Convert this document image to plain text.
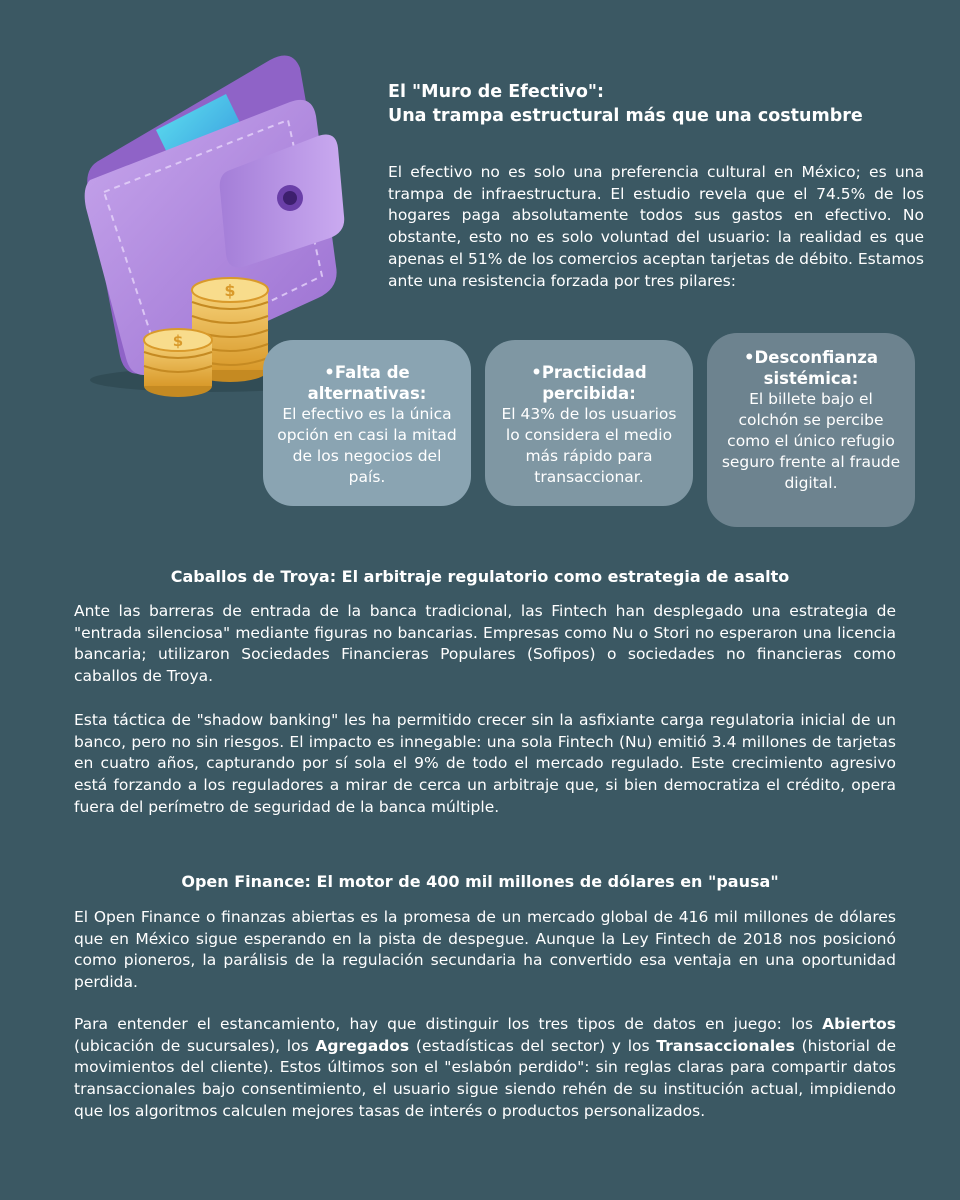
$
$
El "Muro de Efectivo":
Una trampa estructural más que una costumbre
El efectivo no es solo una preferencia cultural en México; es una trampa de infraestructura. El estudio revela que el 74.5% de los hogares paga absolutamente todos sus gastos en efectivo. No obstante, esto no es solo voluntad del usuario: la realidad es que apenas el 51% de los comercios aceptan tarjetas de débito. Estamos ante una resistencia forzada por tres pilares:
•Falta de alternativas:
El efectivo es la única opción en casi la mitad de los negocios del país.
•Practicidad percibida:
El 43% de los usuarios lo considera el medio más rápido para transaccionar.
•Desconfianza sistémica:
El billete bajo el colchón se percibe como el único refugio seguro frente al fraude digital.
Caballos de Troya: El arbitraje regulatorio como estrategia de asalto
Ante las barreras de entrada de la banca tradicional, las Fintech han desplegado una estrategia de "entrada silenciosa" mediante figuras no bancarias. Empresas como Nu o Stori no esperaron una licencia bancaria; utilizaron Sociedades Financieras Populares (Sofipos) o sociedades no financieras como caballos de Troya.
Esta táctica de "shadow banking" les ha permitido crecer sin la asfixiante carga regulatoria inicial de un banco, pero no sin riesgos. El impacto es innegable: una sola Fintech (Nu) emitió 3.4 millones de tarjetas en cuatro años, capturando por sí sola el 9% de todo el mercado regulado. Este crecimiento agresivo está forzando a los reguladores a mirar de cerca un arbitraje que, si bien democratiza el crédito, opera fuera del perímetro de seguridad de la banca múltiple.
Open Finance: El motor de 400 mil millones de dólares en "pausa"
El Open Finance o finanzas abiertas es la promesa de un mercado global de 416 mil millones de dólares que en México sigue esperando en la pista de despegue. Aunque la Ley Fintech de 2018 nos posicionó como pioneros, la parálisis de la regulación secundaria ha convertido esa ventaja en una oportunidad perdida.
Para entender el estancamiento, hay que distinguir los tres tipos de datos en juego: los Abiertos (ubicación de sucursales), los Agregados (estadísticas del sector) y los Transaccionales (historial de movimientos del cliente). Estos últimos son el "eslabón perdido": sin reglas claras para compartir datos transaccionales bajo consentimiento, el usuario sigue siendo rehén de su institución actual, impidiendo que los algoritmos calculen mejores tasas de interés o productos personalizados.
